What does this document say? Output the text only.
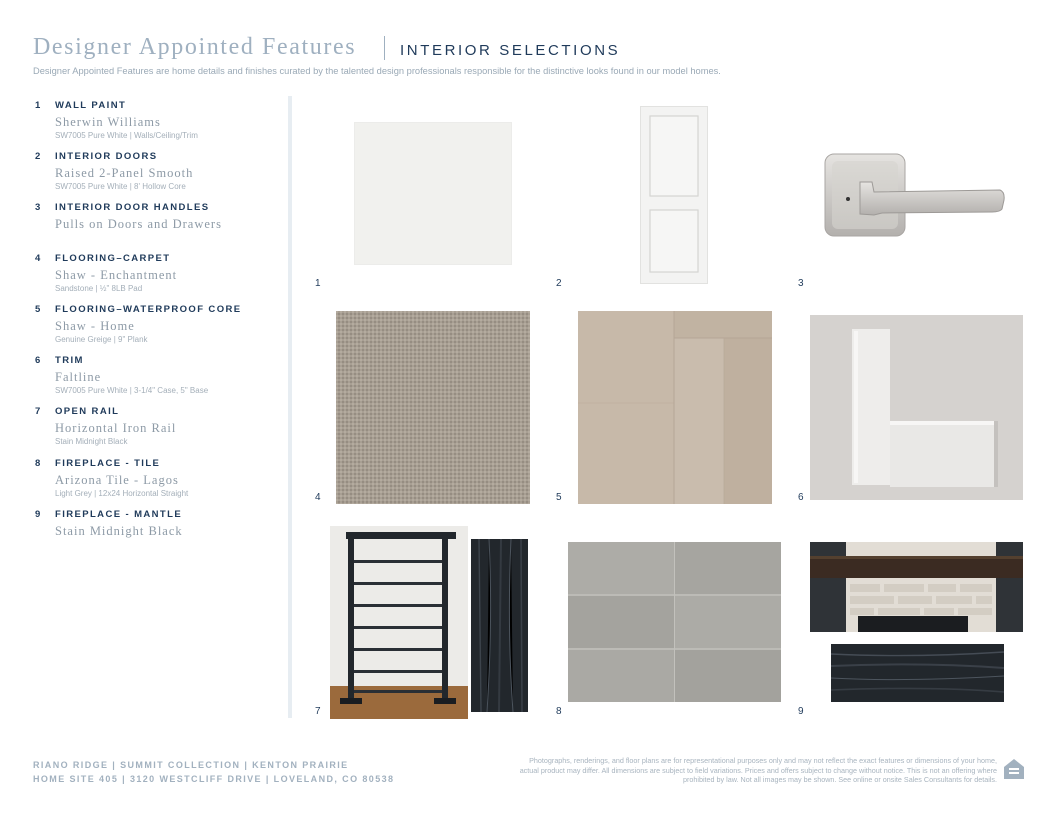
Designer Appointed Features	INTERIOR SELECTIONS
Designer Appointed Features are home details and finishes curated by the talented design professionals responsible for the distinctive looks found in our model homes.
1 WALL PAINT
Sherwin Williams
SW7005 Pure White | Walls/Ceiling/Trim
2 INTERIOR DOORS
Raised 2-Panel Smooth
SW7005 Pure White | 8' Hollow Core
3 INTERIOR DOOR HANDLES
Pulls on Doors and Drawers
4 FLOORING–CARPET
Shaw - Enchantment
Sandstone | ½" 8LB Pad
5 FLOORING–WATERPROOF CORE
Shaw - Home
Genuine Greige | 9" Plank
6 TRIM
Faltline
SW7005 Pure White | 3-1/4" Case, 5" Base
7 OPEN RAIL
Horizontal Iron Rail
Stain Midnight Black
8 FIREPLACE - TILE
Arizona Tile - Lagos
Light Grey | 12x24 Horizontal Straight
9 FIREPLACE - MANTLE
Stain Midnight Black
1	2	3
4	5	6
7	8	9
RIANO RIDGE | SUMMIT COLLECTION | KENTON PRAIRIE
HOME SITE 405 | 3120 WESTCLIFF DRIVE | LOVELAND, CO 80538
Photographs, renderings, and floor plans are for representational purposes only and may not reflect the exact features or dimensions of your home, actual product may differ. All dimensions are subject to field variations. Prices and offers subject to change without notice. This is not an offering where prohibited by law. Not all images may be shown. See online or onsite Sales Consultants for details.
